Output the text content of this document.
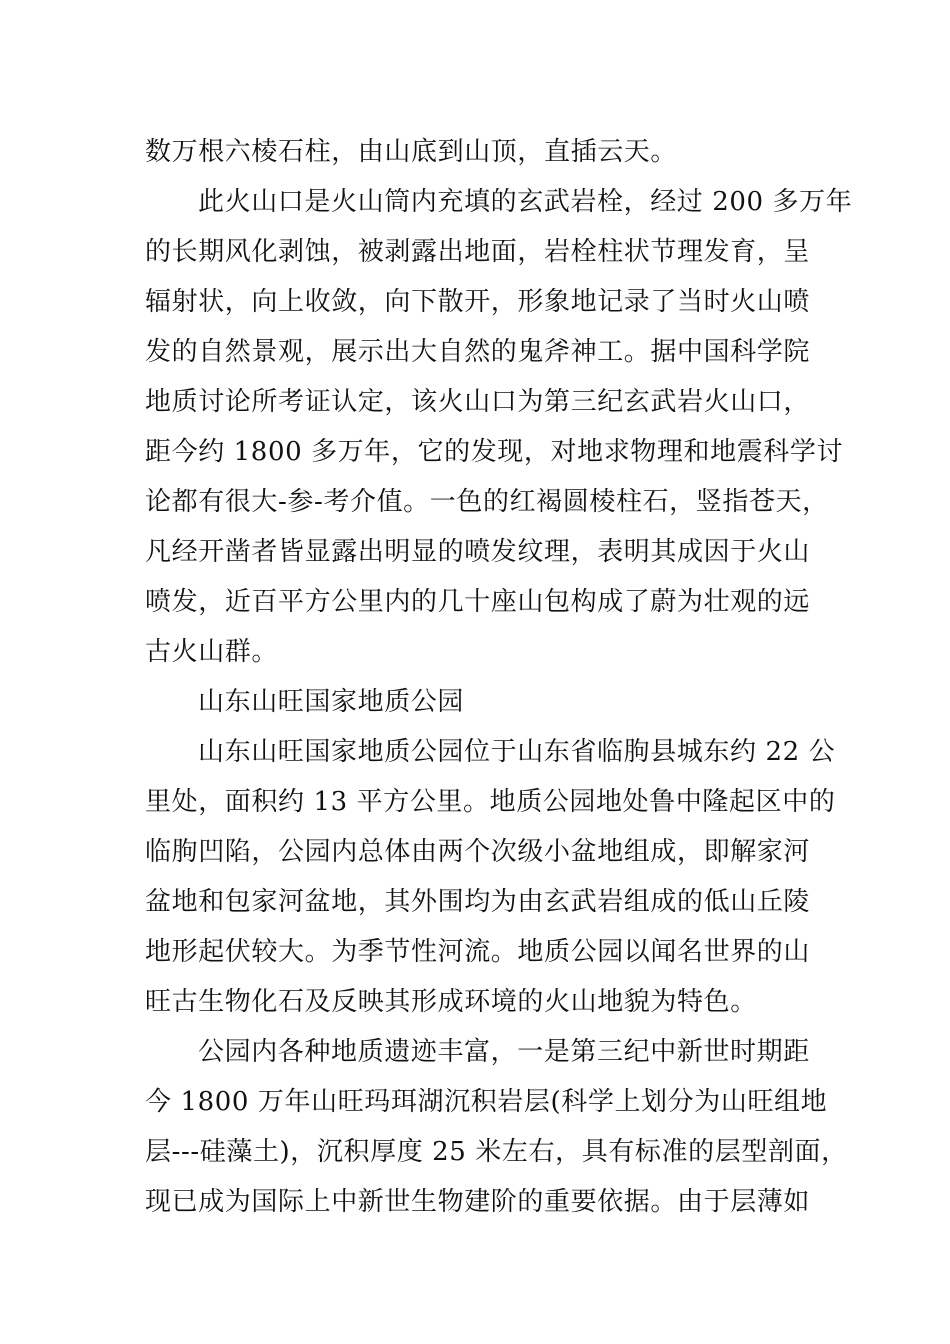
数万根六棱石柱，由山底到山顶，直插云天。
此火山口是火山筒内充填的玄武岩栓，经过 200 多万年
的长期风化剥蚀，被剥露出地面，岩栓柱状节理发育，呈
辐射状，向上收敛，向下散开，形象地记录了当时火山喷
发的自然景观，展示出大自然的鬼斧神工。据中国科学院
地质讨论所考证认定，该火山口为第三纪玄武岩火山口，
距今约 1800 多万年，它的发现，对地求物理和地震科学讨
论都有很大-参-考介值。一色的红褐圆棱柱石，竖指苍天，
凡经开凿者皆显露出明显的喷发纹理，表明其成因于火山
喷发，近百平方公里内的几十座山包构成了蔚为壮观的远
古火山群。
山东山旺国家地质公园
山东山旺国家地质公园位于山东省临朐县城东约 22 公
里处，面积约 13 平方公里。地质公园地处鲁中隆起区中的
临朐凹陷，公园内总体由两个次级小盆地组成，即解家河
盆地和包家河盆地，其外围均为由玄武岩组成的低山丘陵
地形起伏较大。为季节性河流。地质公园以闻名世界的山
旺古生物化石及反映其形成环境的火山地貌为特色。
公园内各种地质遗迹丰富，一是第三纪中新世时期距
今 1800 万年山旺玛珥湖沉积岩层(科学上划分为山旺组地
层---硅藻土)，沉积厚度 25 米左右，具有标准的层型剖面，
现已成为国际上中新世生物建阶的重要依据。由于层薄如
